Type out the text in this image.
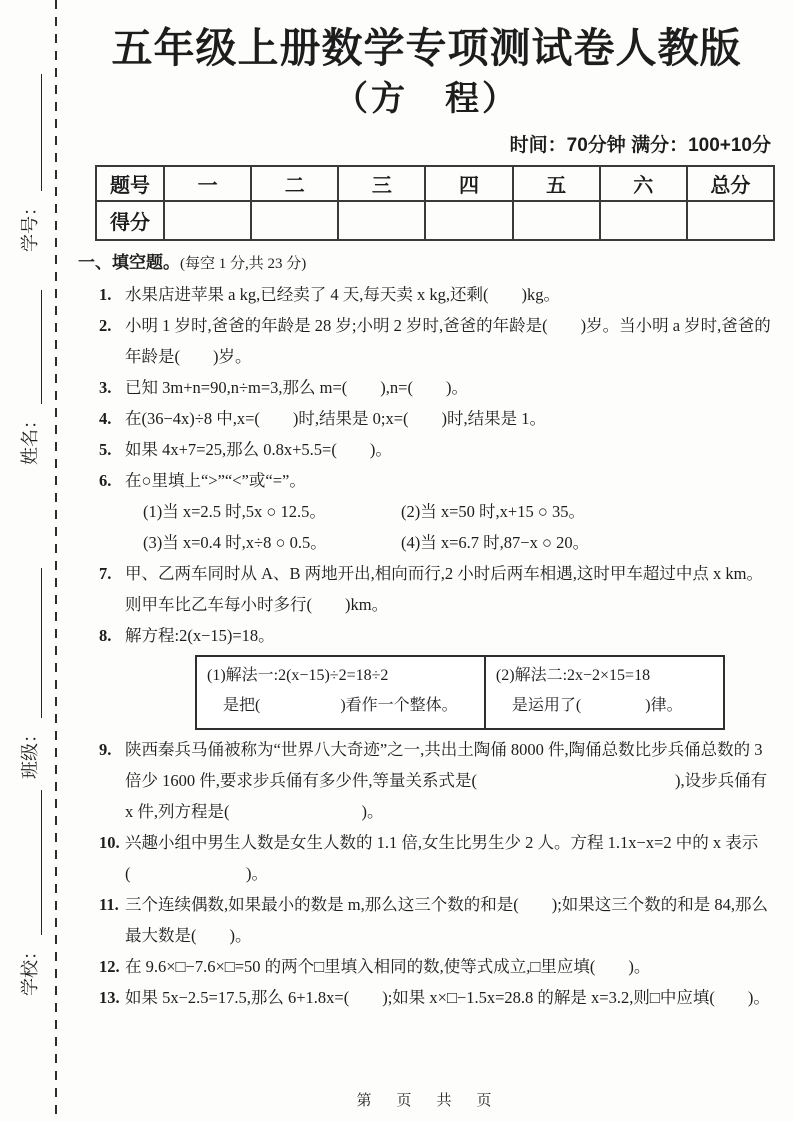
学号：
姓名：
班级：
学校：
五年级上册数学专项测试卷人教版
（方　程）
时间：70分钟 满分：100+10分
题号	一	二	三	四	五	六	总分
得分							
一、填空题。(每空 1 分,共 23 分)
1. 水果店进苹果 a kg,已经卖了 4 天,每天卖 x kg,还剩(　　)kg。
2. 小明 1 岁时,爸爸的年龄是 28 岁;小明 2 岁时,爸爸的年龄是(　　)岁。当小明 a 岁时,爸爸的年龄是(　　)岁。
3. 已知 3m+n=90,n÷m=3,那么 m=(　　),n=(　　)。
4. 在(36−4x)÷8 中,x=(　　)时,结果是 0;x=(　　)时,结果是 1。
5. 如果 4x+7=25,那么 0.8x+5.5=(　　)。
6. 在○里填上“>”“<”或“=”。
(1)当 x=2.5 时,5x ○ 12.5。	(2)当 x=50 时,x+15 ○ 35。
(3)当 x=0.4 时,x÷8 ○ 0.5。	(4)当 x=6.7 时,87−x ○ 20。
7. 甲、乙两车同时从 A、B 两地开出,相向而行,2 小时后两车相遇,这时甲车超过中点 x km。则甲车比乙车每小时多行(　　)km。
8. 解方程:2(x−15)=18。
(1)解法一:2(x−15)÷2=18÷2
是把(　　　　　)看作一个整体。
(2)解法二:2x−2×15=18
是运用了(　　　　)律。
9. 陕西秦兵马俑被称为“世界八大奇迹”之一,共出土陶俑 8000 件,陶俑总数比步兵俑总数的 3 倍少 1600 件,要求步兵俑有多少件,等量关系式是(　　　　　　　　　　　　),设步兵俑有 x 件,列方程是(　　　　　　　　)。
10. 兴趣小组中男生人数是女生人数的 1.1 倍,女生比男生少 2 人。方程 1.1x−x=2 中的 x 表示(　　　　　　　)。
11. 三个连续偶数,如果最小的数是 m,那么这三个数的和是(　　);如果这三个数的和是 84,那么最大数是(　　)。
12. 在 9.6×□−7.6×□=50 的两个□里填入相同的数,使等式成立,□里应填(　　)。
13. 如果 5x−2.5=17.5,那么 6+1.8x=(　　);如果 x×□−1.5x=28.8 的解是 x=3.2,则□中应填(　　)。
第　页　共　页
